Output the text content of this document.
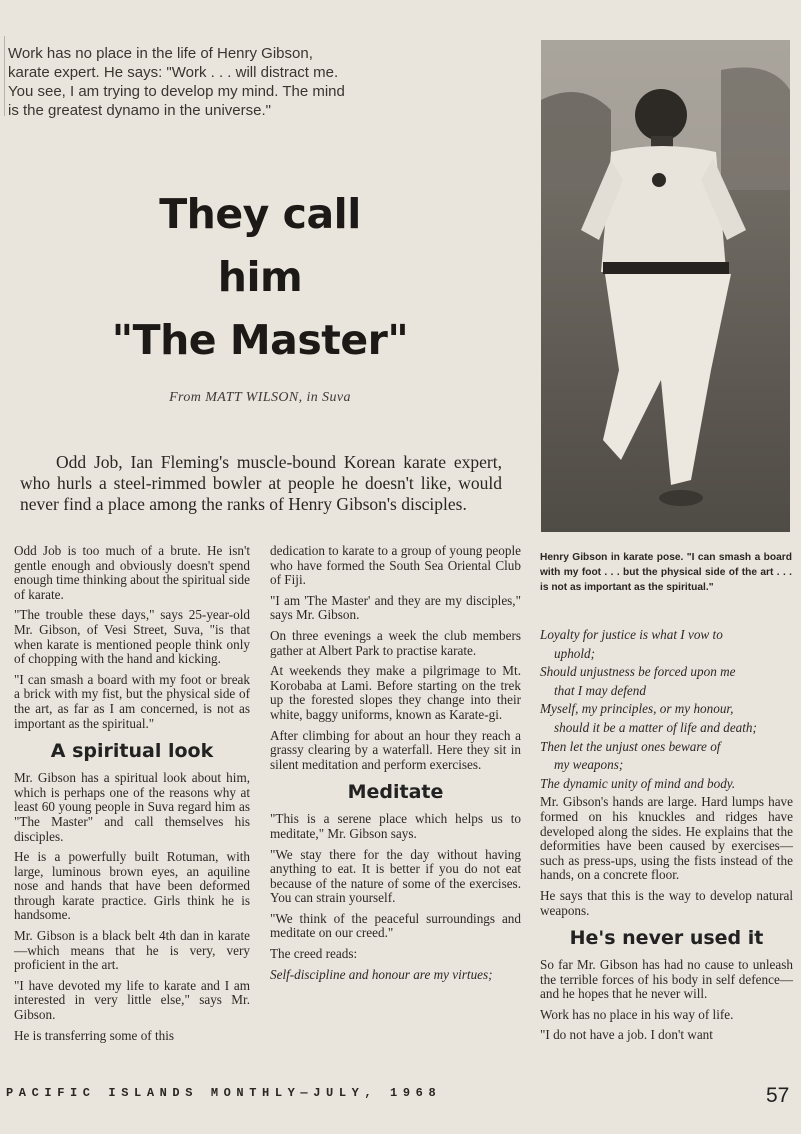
Work has no place in the life of Henry Gibson,

karate expert. He says: "Work . . . will distract me.

You see, I am trying to develop my mind. The mind

is the greatest dynamo in the universe."

They call
him
"The Master"
From MATT WILSON, in Suva

Odd Job, Ian Fleming's muscle-bound Korean karate expert, who hurls a steel-rimmed bowler at people he doesn't like, would never find a place among the ranks of Henry Gibson's disciples.

Henry Gibson in karate pose. "I can smash a board with my foot . . . but the physical side of the art . . . is not as important as the spiritual."

Odd Job is too much of a brute. He isn't gentle enough and obviously doesn't spend enough time thinking about the spiritual side of karate.

"The trouble these days," says 25-year-old Mr. Gibson, of Vesi Street, Suva, "is that when karate is mentioned people think only of chopping with the hand and kicking.

"I can smash a board with my foot or break a brick with my fist, but the physical side of the art, as far as I am concerned, is not as important as the spiritual."

A spiritual look

Mr. Gibson has a spiritual look about him, which is perhaps one of the reasons why at least 60 young people in Suva regard him as "The Master" and call themselves his disciples.

He is a powerfully built Rotuman, with large, luminous brown eyes, an aquiline nose and hands that have been deformed through karate practice. Girls think he is handsome.

Mr. Gibson is a black belt 4th dan in karate—which means that he is very, very proficient in the art.

"I have devoted my life to karate and I am interested in very little else," says Mr. Gibson.

He is transferring some of this

dedication to karate to a group of young people who have formed the South Sea Oriental Club of Fiji.

"I am 'The Master' and they are my disciples," says Mr. Gibson.

On three evenings a week the club members gather at Albert Park to practise karate.

At weekends they make a pilgrimage to Mt. Korobaba at Lami. Before starting on the trek up the forested slopes they change into their white, baggy uniforms, known as Karate-gi.

After climbing for about an hour they reach a grassy clearing by a waterfall. Here they sit in silent meditation and perform exercises.

Meditate

"This is a serene place which helps us to meditate," Mr. Gibson says.

"We stay there for the day without having anything to eat. It is better if you do not eat because of the nature of some of the exercises. You can strain yourself.

"We think of the peaceful surroundings and meditate on our creed."

The creed reads:

Self-discipline and honour are my virtues;

Loyalty for justice is what I vow to

uphold;

Should unjustness be forced upon me

that I may defend

Myself, my principles, or my honour,

should it be a matter of life and death;

Then let the unjust ones beware of

my weapons;

The dynamic unity of mind and body.

Mr. Gibson's hands are large. Hard lumps have formed on his knuckles and ridges have developed along the sides. He explains that the deformities have been caused by exercises—such as press-ups, using the fists instead of the hands, on a concrete floor.

He says that this is the way to develop natural weapons.

He's never used it

So far Mr. Gibson has had no cause to unleash the terrible forces of his body in self defence—and he hopes that he never will.

Work has no place in his way of life.

"I do not have a job. I don't want

PACIFIC ISLANDS MONTHLY—JULY, 1968	57
